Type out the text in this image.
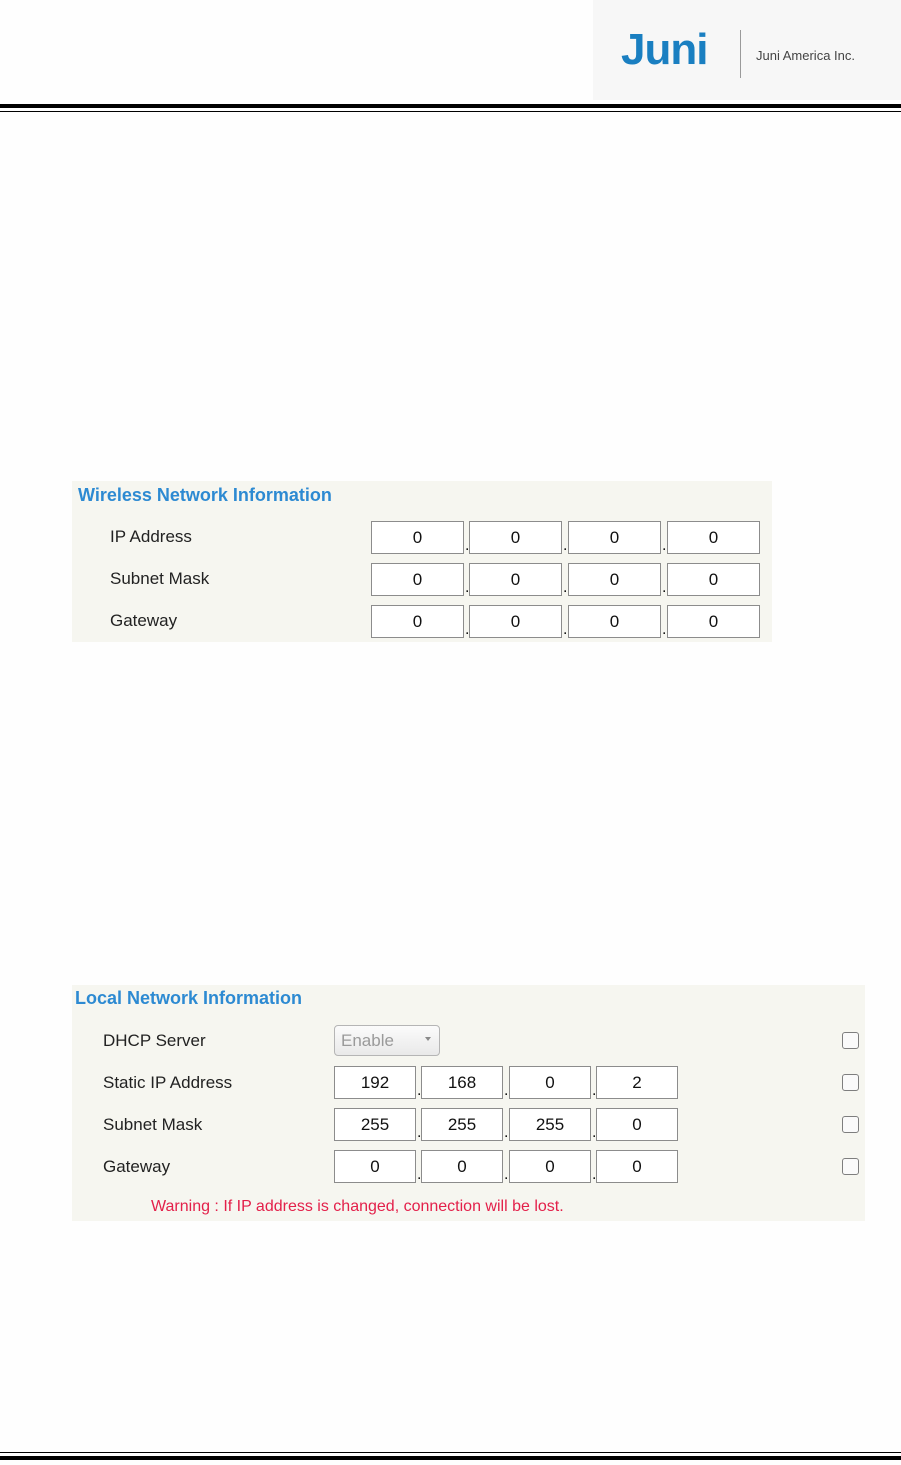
Juni	Juni America Inc.
Wireless Network Information
IP Address	0	.	0	.	0	.	0
Subnet Mask	0	.	0	.	0	.	0
Gateway	0	.	0	.	0	.	0
Local Network Information
DHCP Server	Enable
Static IP Address	192	.	168	.	0	.	2
Subnet Mask	255	.	255	.	255	.	0
Gateway	0	.	0	.	0	.	0
Warning : If IP address is changed, connection will be lost.
